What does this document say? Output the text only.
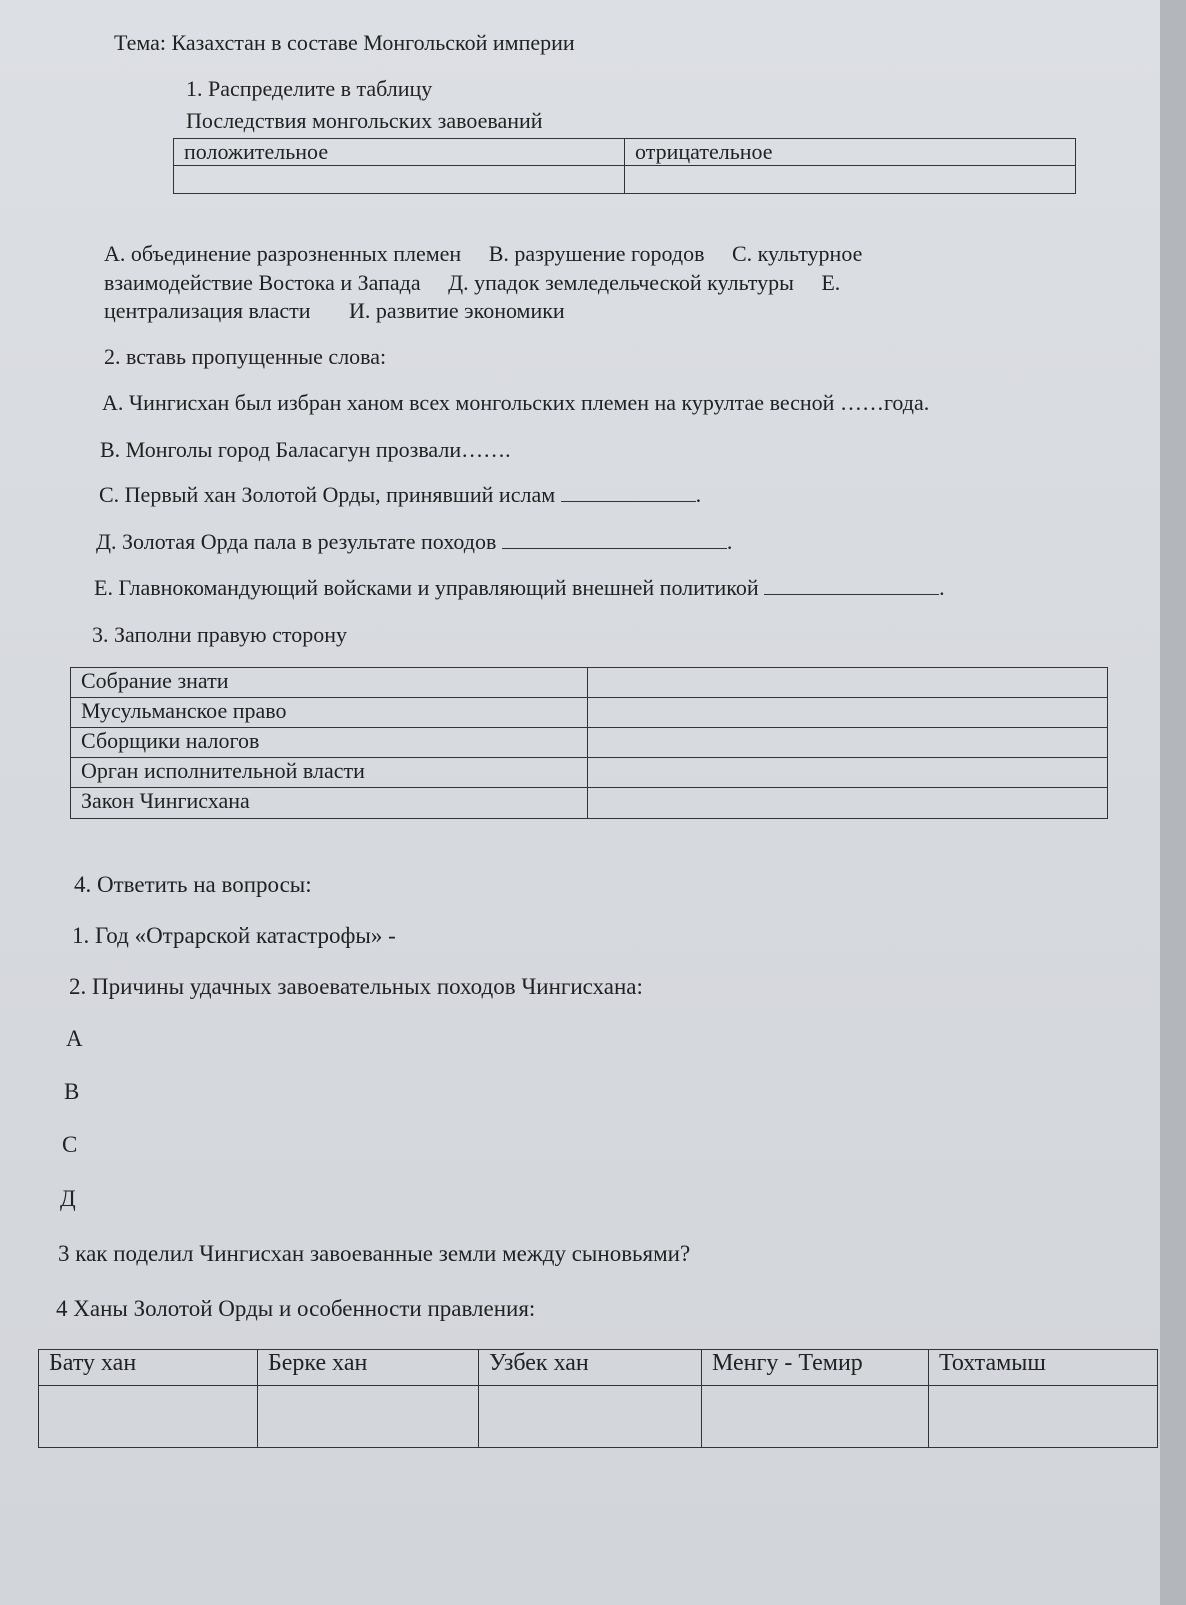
Тема: Казахстан в составе Монгольской империи
1. Распределите в таблицу
Последствия монгольских завоеваний
положительное	отрицательное

А. объединение разрозненных племен     В. разрушение городов     С. культурное
взаимодействие Востока и Запада     Д. упадок земледельческой культуры     Е.
централизация власти       И. развитие экономики
2. вставь пропущенные слова:
А. Чингисхан был избран ханом всех монгольских племен на курултае весной ……года.
В. Монголы город Баласагун прозвали…….
С. Первый хан Золотой Орды, принявший ислам	.
Д. Золотая Орда пала в результате походов	.
Е. Главнокомандующий войсками и управляющий внешней политикой	.
3. Заполни правую сторону
Собрание знати	
Мусульманское право	
Сборщики налогов	
Орган исполнительной власти	
Закон Чингисхана	
4. Ответить на вопросы:
1. Год «Отрарской катастрофы» -
2. Причины удачных завоевательных походов Чингисхана:
А
В
С
Д
3 как поделил Чингисхан завоеванные земли между сыновьями?
4 Ханы Золотой Орды и особенности правления:
Бату хан	Берке хан	Узбек хан	Менгу - Темир	Тохтамыш
